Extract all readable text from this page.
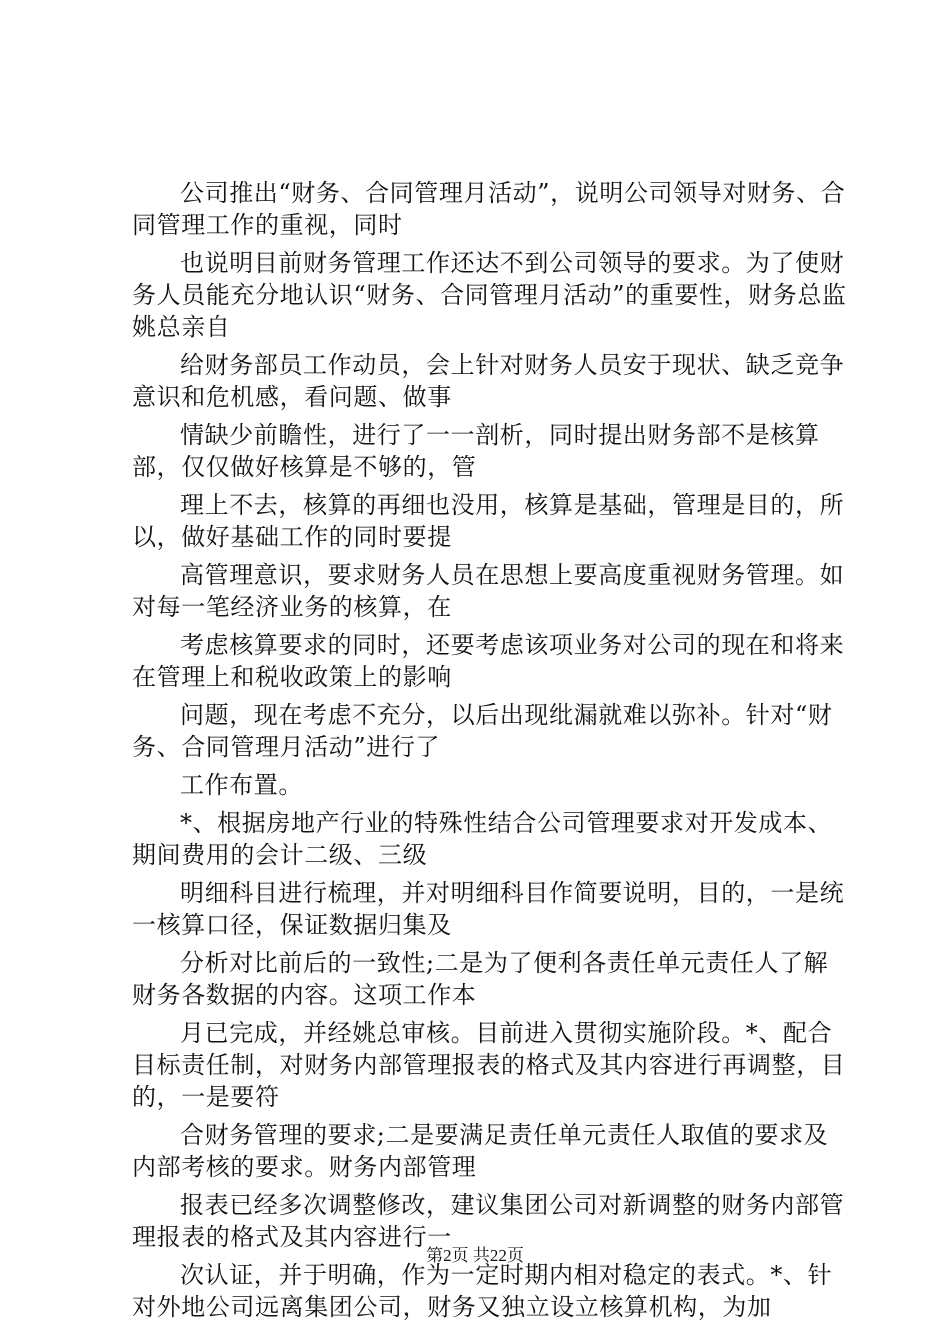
公司推出“财务、合同管理月活动”，说明公司领导对财务、合同管理工作的重视，同时

也说明目前财务管理工作还达不到公司领导的要求。为了使财务人员能充分地认识“财务、合同管理月活动”的重要性，财务总监姚总亲自

给财务部员工作动员，会上针对财务人员安于现状、缺乏竞争意识和危机感，看问题、做事

情缺少前瞻性，进行了一一剖析，同时提出财务部不是核算部，仅仅做好核算是不够的，管

理上不去，核算的再细也没用，核算是基础，管理是目的，所以，做好基础工作的同时要提

高管理意识，要求财务人员在思想上要高度重视财务管理。如对每一笔经济业务的核算，在

考虑核算要求的同时，还要考虑该项业务对公司的现在和将来在管理上和税收政策上的影响

问题，现在考虑不充分，以后出现纰漏就难以弥补。针对“财务、合同管理月活动”进行了

工作布置。

*、根据房地产行业的特殊性结合公司管理要求对开发成本、期间费用的会计二级、三级

明细科目进行梳理，并对明细科目作简要说明，目的，一是统一核算口径，保证数据归集及

分析对比前后的一致性;二是为了便利各责任单元责任人了解财务各数据的内容。这项工作本

月已完成，并经姚总审核。目前进入贯彻实施阶段。*、配合目标责任制，对财务内部管理报表的格式及其内容进行再调整，目的，一是要符

合财务管理的要求;二是要满足责任单元责任人取值的要求及内部考核的要求。财务内部管理

报表已经多次调整修改，建议集团公司对新调整的财务内部管理报表的格式及其内容进行一

次认证，并于明确，作为一定时期内相对稳定的表式。*、针对外地公司远离集团公司，财务又独立设立核算机构，为加

第2页 共22页
